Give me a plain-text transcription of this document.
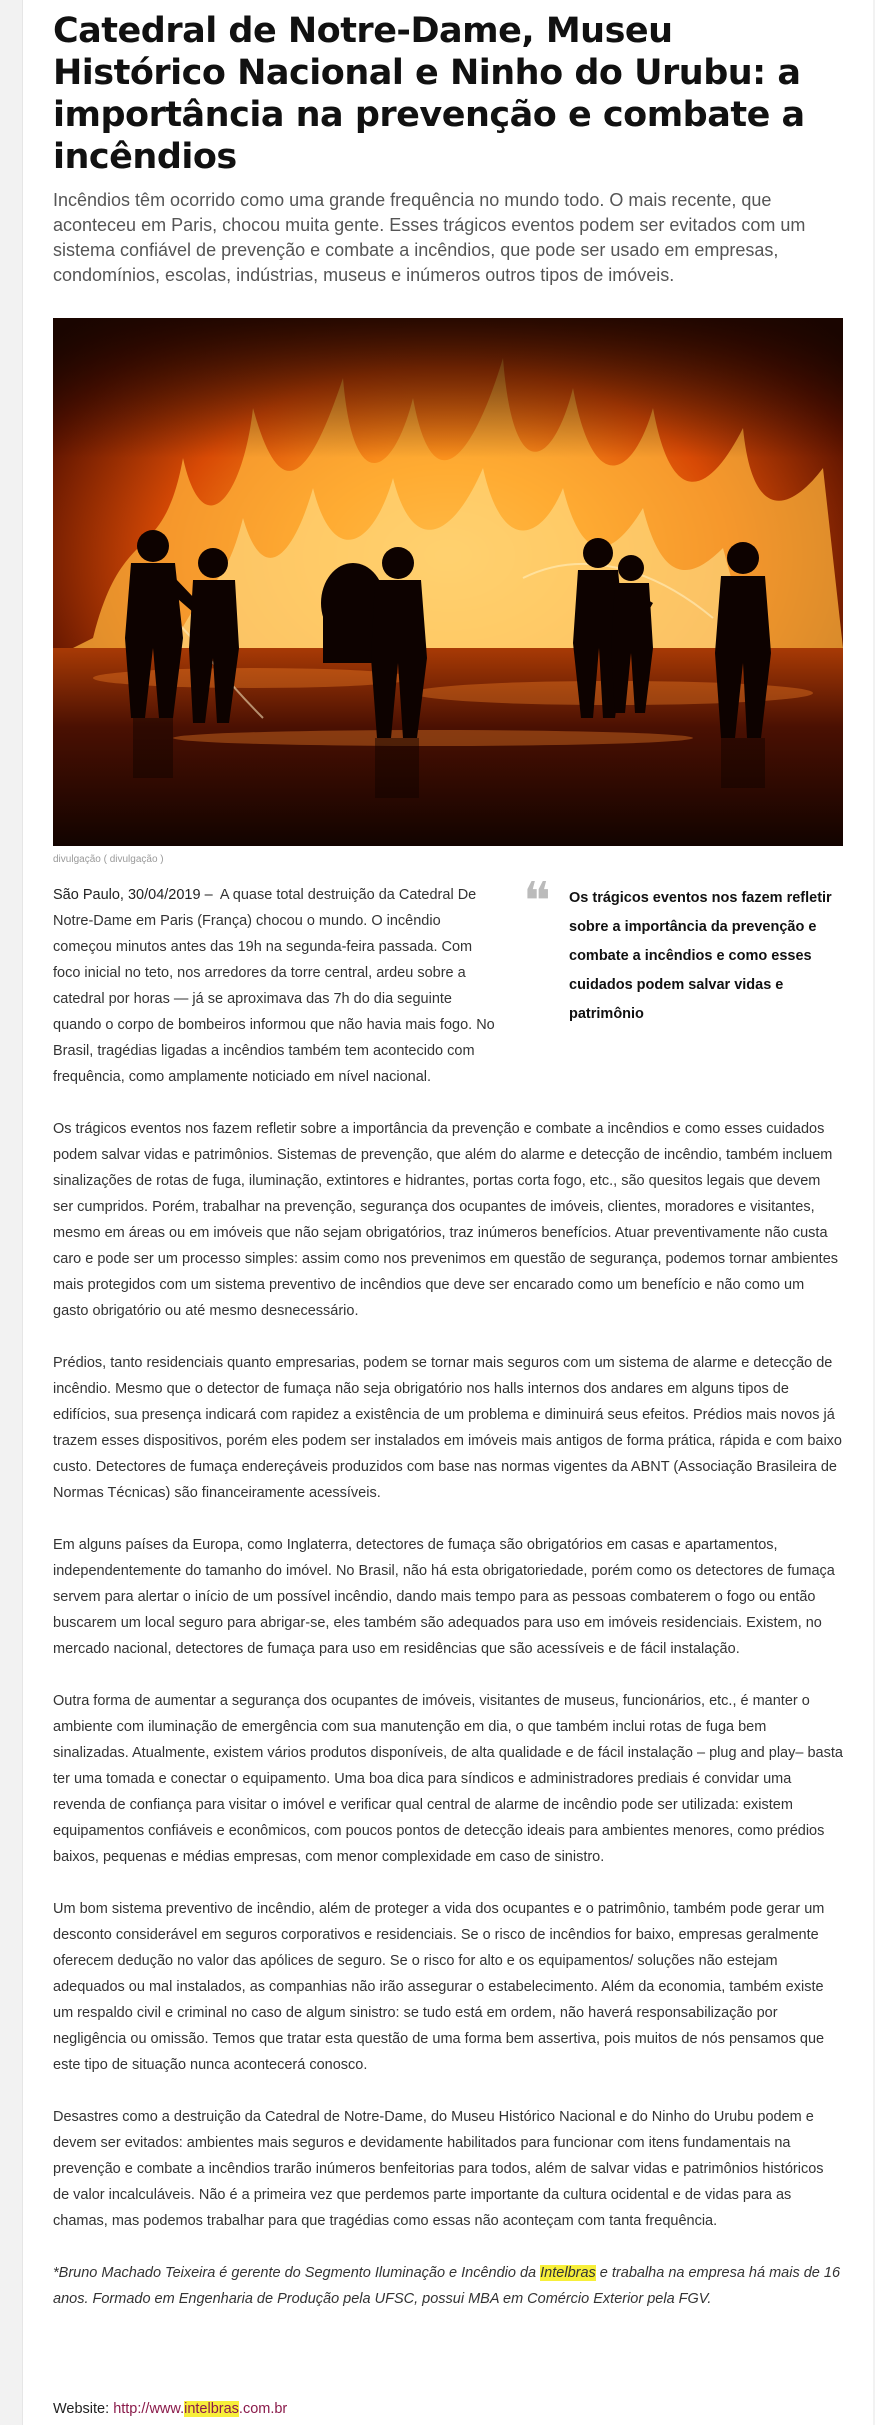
Catedral de Notre-Dame, Museu Histórico Nacional e Ninho do Urubu: a importância na prevenção e combate a incêndios
Incêndios têm ocorrido como uma grande frequência no mundo todo. O mais recente, que aconteceu em Paris, chocou muita gente. Esses trágicos eventos podem ser evitados com um sistema confiável de prevenção e combate a incêndios, que pode ser usado em empresas, condomínios, escolas, indústrias, museus e inúmeros outros tipos de imóveis.
divulgação ( divulgação )
❝ Os trágicos eventos nos fazem refletir sobre a importância da prevenção e combate a incêndios e como esses cuidados podem salvar vidas e patrimônio
São Paulo, 30/04/2019 – A quase total destruição da Catedral De Notre-Dame em Paris (França) chocou o mundo. O incêndio começou minutos antes das 19h na segunda-feira passada. Com foco inicial no teto, nos arredores da torre central, ardeu sobre a catedral por horas — já se aproximava das 7h do dia seguinte quando o corpo de bombeiros informou que não havia mais fogo. No Brasil, tragédias ligadas a incêndios também tem acontecido com frequência, como amplamente noticiado em nível nacional.

Os trágicos eventos nos fazem refletir sobre a importância da prevenção e combate a incêndios e como esses cuidados podem salvar vidas e patrimônios. Sistemas de prevenção, que além do alarme e detecção de incêndio, também incluem sinalizações de rotas de fuga, iluminação, extintores e hidrantes, portas corta fogo, etc., são quesitos legais que devem ser cumpridos. Porém, trabalhar na prevenção, segurança dos ocupantes de imóveis, clientes, moradores e visitantes, mesmo em áreas ou em imóveis que não sejam obrigatórios, traz inúmeros benefícios. Atuar preventivamente não custa caro e pode ser um processo simples: assim como nos prevenimos em questão de segurança, podemos tornar ambientes mais protegidos com um sistema preventivo de incêndios que deve ser encarado como um benefício e não como um gasto obrigatório ou até mesmo desnecessário.

Prédios, tanto residenciais quanto empresarias, podem se tornar mais seguros com um sistema de alarme e detecção de incêndio. Mesmo que o detector de fumaça não seja obrigatório nos halls internos dos andares em alguns tipos de edifícios, sua presença indicará com rapidez a existência de um problema e diminuirá seus efeitos. Prédios mais novos já trazem esses dispositivos, porém eles podem ser instalados em imóveis mais antigos de forma prática, rápida e com baixo custo. Detectores de fumaça endereçáveis produzidos com base nas normas vigentes da ABNT (Associação Brasileira de Normas Técnicas) são financeiramente acessíveis.

Em alguns países da Europa, como Inglaterra, detectores de fumaça são obrigatórios em casas e apartamentos, independentemente do tamanho do imóvel. No Brasil, não há esta obrigatoriedade, porém como os detectores de fumaça servem para alertar o início de um possível incêndio, dando mais tempo para as pessoas combaterem o fogo ou então buscarem um local seguro para abrigar-se, eles também são adequados para uso em imóveis residenciais. Existem, no mercado nacional, detectores de fumaça para uso em residências que são acessíveis e de fácil instalação.

Outra forma de aumentar a segurança dos ocupantes de imóveis, visitantes de museus, funcionários, etc., é manter o ambiente com iluminação de emergência com sua manutenção em dia, o que também inclui rotas de fuga bem sinalizadas. Atualmente, existem vários produtos disponíveis, de alta qualidade e de fácil instalação – plug and play– basta ter uma tomada e conectar o equipamento. Uma boa dica para síndicos e administradores prediais é convidar uma revenda de confiança para visitar o imóvel e verificar qual central de alarme de incêndio pode ser utilizada: existem equipamentos confiáveis e econômicos, com poucos pontos de detecção ideais para ambientes menores, como prédios baixos, pequenas e médias empresas, com menor complexidade em caso de sinistro.

Um bom sistema preventivo de incêndio, além de proteger a vida dos ocupantes e o patrimônio, também pode gerar um desconto considerável em seguros corporativos e residenciais. Se o risco de incêndios for baixo, empresas geralmente oferecem dedução no valor das apólices de seguro. Se o risco for alto e os equipamentos/ soluções não estejam adequados ou mal instalados, as companhias não irão assegurar o estabelecimento. Além da economia, também existe um respaldo civil e criminal no caso de algum sinistro: se tudo está em ordem, não haverá responsabilização por negligência ou omissão. Temos que tratar esta questão de uma forma bem assertiva, pois muitos de nós pensamos que este tipo de situação nunca acontecerá conosco.

Desastres como a destruição da Catedral de Notre-Dame, do Museu Histórico Nacional e do Ninho do Urubu podem e devem ser evitados: ambientes mais seguros e devidamente habilitados para funcionar com itens fundamentais na prevenção e combate a incêndios trarão inúmeros benfeitorias para todos, além de salvar vidas e patrimônios históricos de valor incalculáveis. Não é a primeira vez que perdemos parte importante da cultura ocidental e de vidas para as chamas, mas podemos trabalhar para que tragédias como essas não aconteçam com tanta frequência.

*Bruno Machado Teixeira é gerente do Segmento Iluminação e Incêndio da Intelbras e trabalha na empresa há mais de 16 anos. Formado em Engenharia de Produção pela UFSC, possui MBA em Comércio Exterior pela FGV.

Website: http://www.intelbras.com.br
